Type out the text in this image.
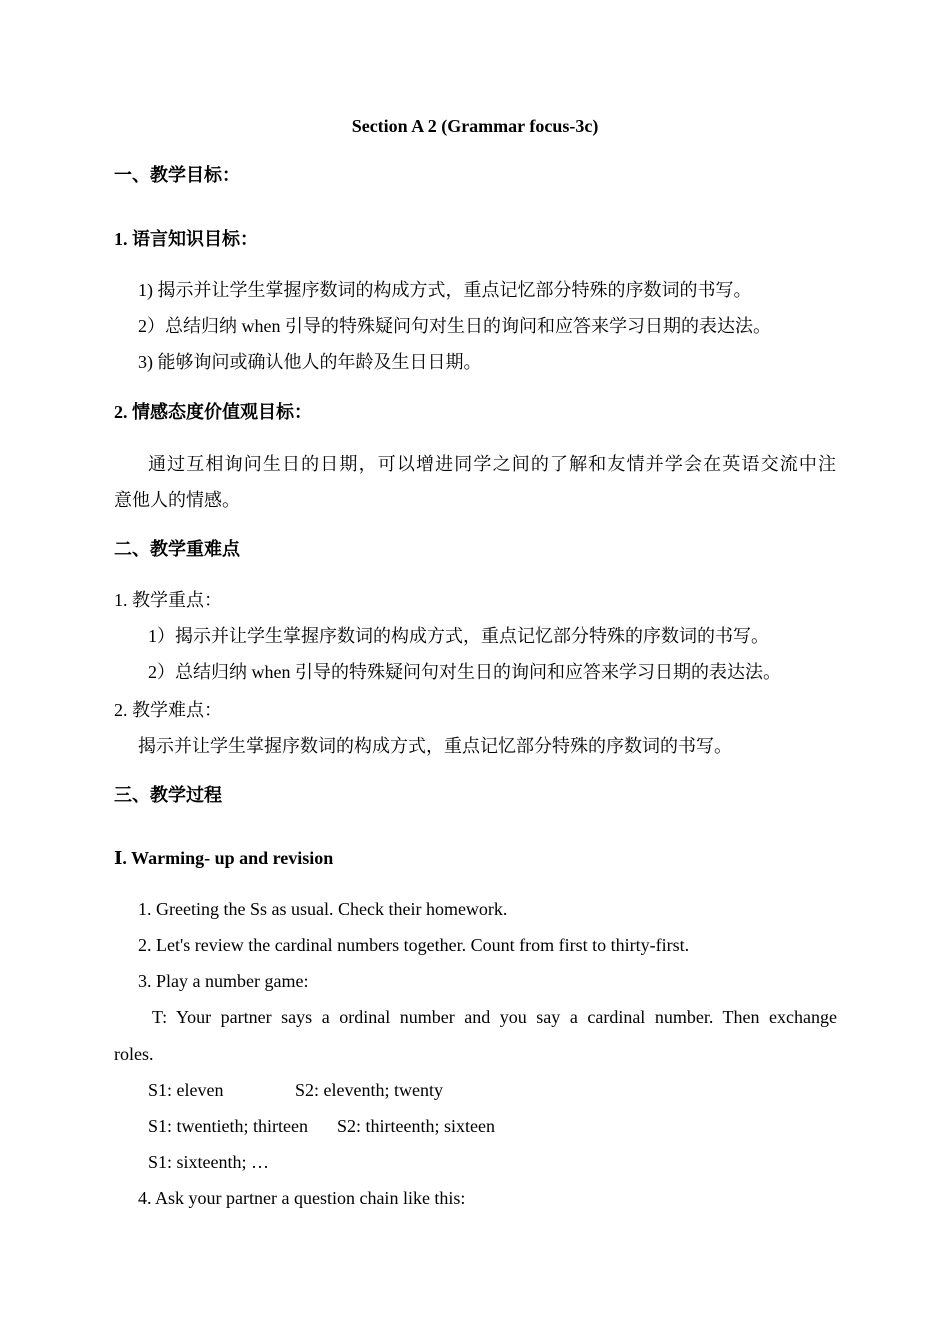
Section A 2 (Grammar focus-3c)
一、教学目标：
1. 语言知识目标：
1) 揭示并让学生掌握序数词的构成方式，重点记忆部分特殊的序数词的书写。
2）总结归纳 when 引导的特殊疑问句对生日的询问和应答来学习日期的表达法。
3) 能够询问或确认他人的年龄及生日日期。
2. 情感态度价值观目标：
通过互相询问生日的日期，可以增进同学之间的了解和友情并学会在英语交流中注
意他人的情感。
二、教学重难点
1. 教学重点：
1）揭示并让学生掌握序数词的构成方式，重点记忆部分特殊的序数词的书写。
2）总结归纳 when 引导的特殊疑问句对生日的询问和应答来学习日期的表达法。
2. 教学难点：
揭示并让学生掌握序数词的构成方式，重点记忆部分特殊的序数词的书写。
三、教学过程
Ⅰ. Warming- up and revision
1. Greeting the Ss as usual. Check their homework.
2. Let's review the cardinal numbers together. Count from first to thirty-first.
3. Play a number game:
T: Your partner says a ordinal number and you say a cardinal number. Then exchange
roles.
S1: eleven	S2: eleventh; twenty
S1: twentieth; thirteen S2: thirteenth; sixteen
S1: sixteenth; …
4. Ask your partner a question chain like this:
